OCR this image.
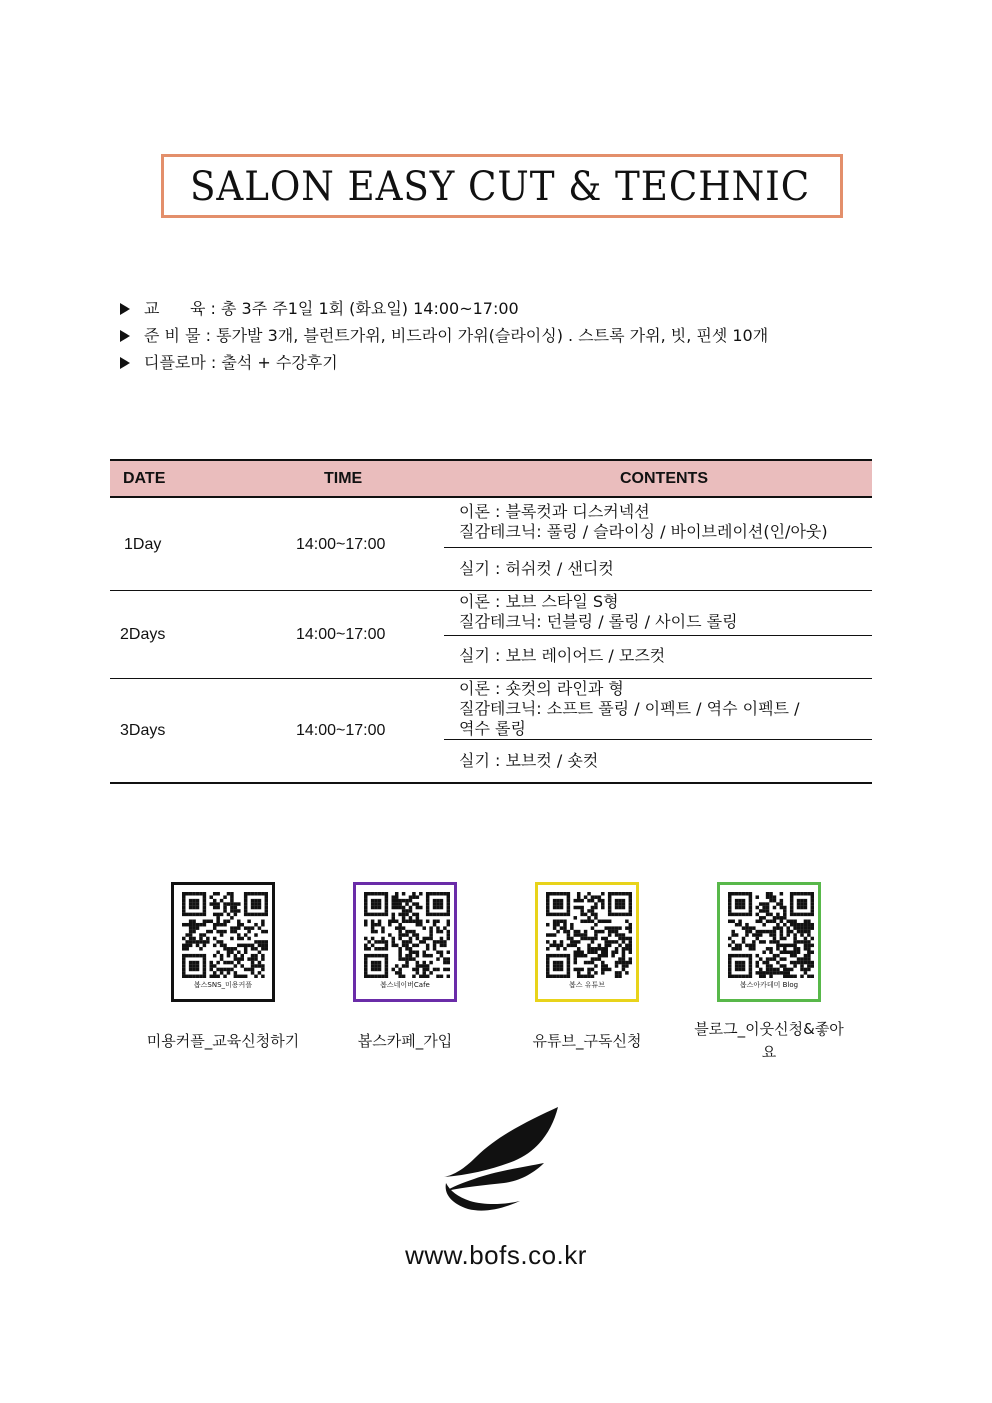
SALON EASY CUT & TECHNIC
교      육 : 총 3주 주1일 1회 (화요일) 14:00~17:00
준 비 물 : 통가발 3개, 블런트가위, 비드라이 가위(슬라이싱) . 스트록 가위, 빗, 핀셋 10개
디플로마 : 출석 + 수강후기
DATE	TIME	CONTENTS
1Day	14:00~17:00
이론 : 블록컷과 디스커넥션
질감테크닉: 풀링 / 슬라이싱 / 바이브레이션(인/아웃)
실기 : 허쉬컷 / 샌디컷
2Days	14:00~17:00
이론 : 보브 스타일 S형
질감테크닉: 던블링 / 롤링 / 사이드 롤링
실기 : 보브 레이어드 / 모즈컷
3Days	14:00~17:00
이론 : 숏컷의 라인과 형
질감테크닉: 소프트 풀링 / 이펙트 / 역수 이펙트 /
역수 롤링
실기 : 보브컷 / 숏컷
봅스SNS_미용커플	봅스네이버Cafe	봅스 유튜브	봅스아카데미 Blog
미용커플_교육신청하기	봅스카페_가입	유튜브_구독신청
블로그_이웃신청&좋아요
www.bofs.co.kr
